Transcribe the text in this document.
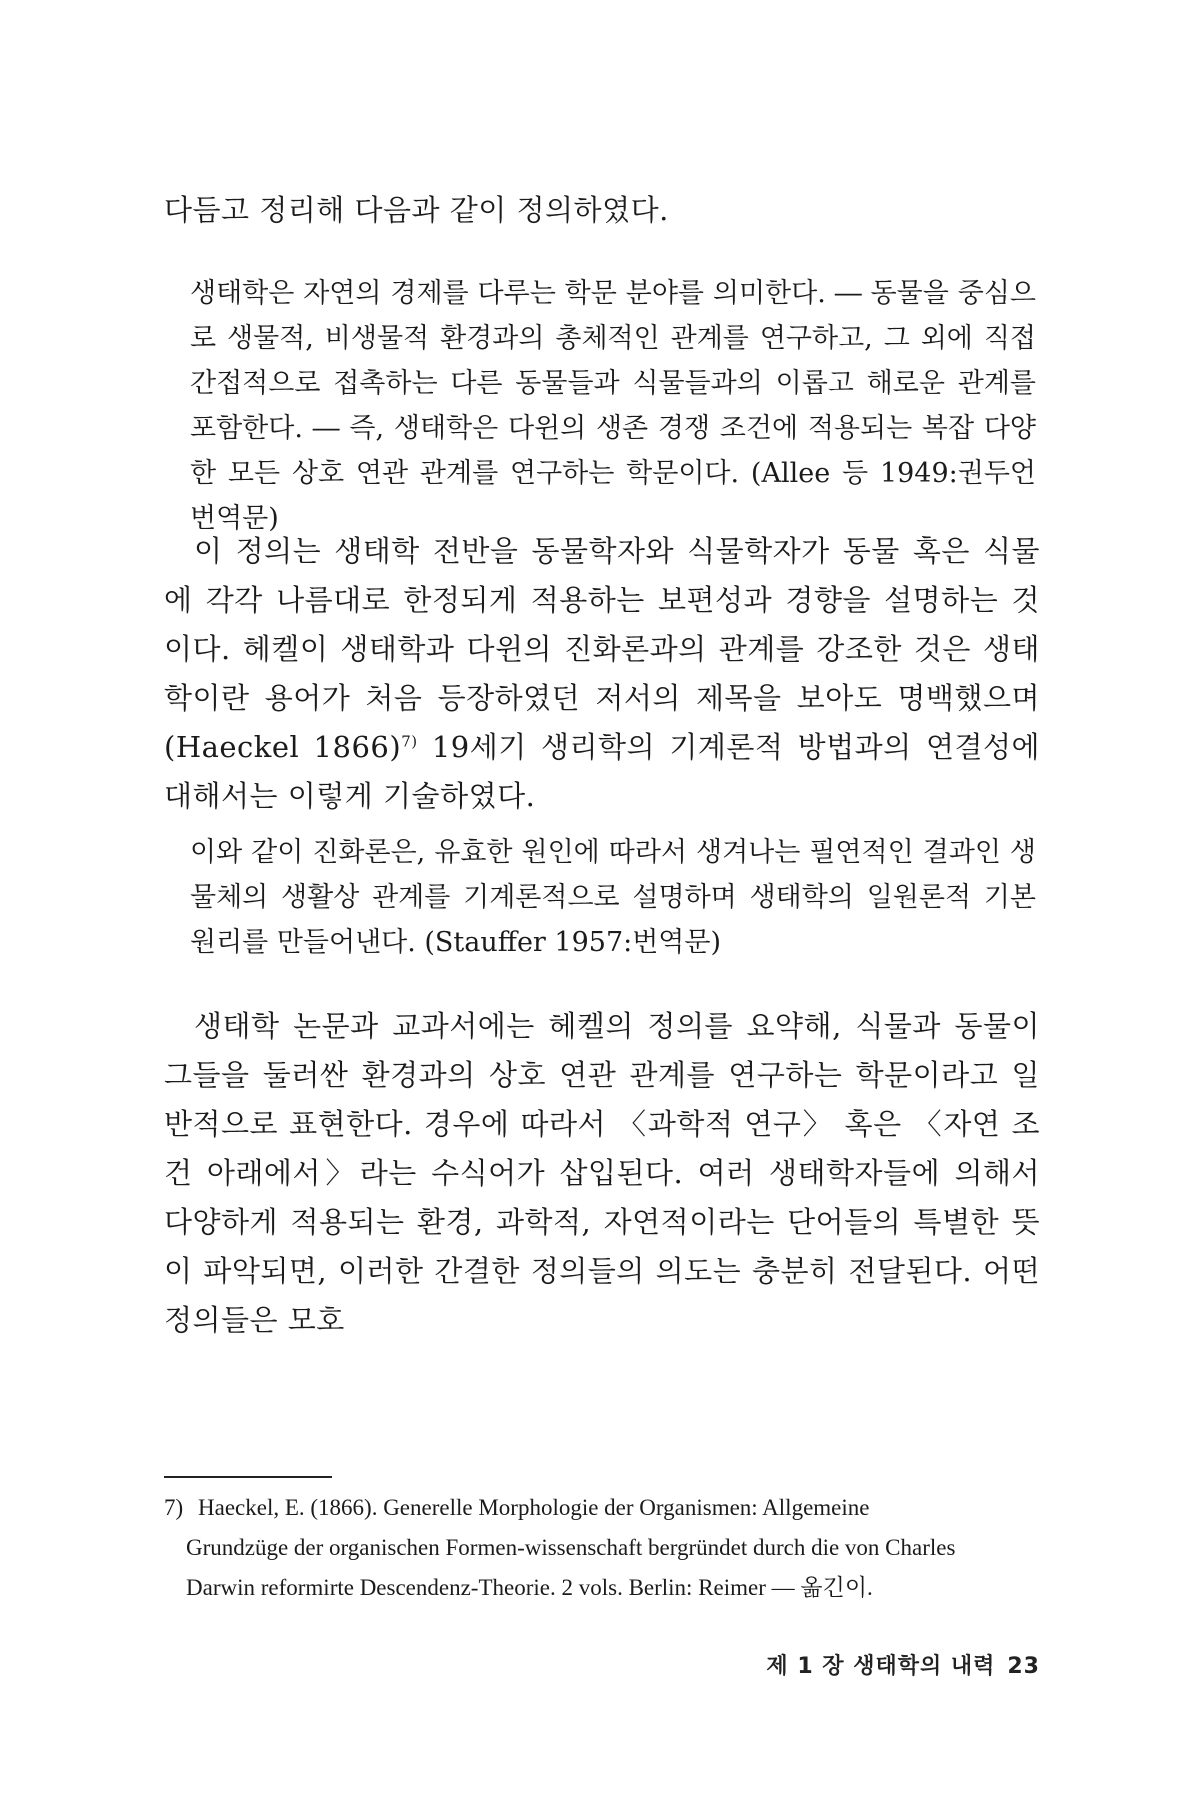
다듬고 정리해 다음과 같이 정의하였다.
생태학은 자연의 경제를 다루는 학문 분야를 의미한다. ― 동물을 중심으로 생물적, 비생물적 환경과의 총체적인 관계를 연구하고, 그 외에 직접 간접적으로 접촉하는 다른 동물들과 식물들과의 이롭고 해로운 관계를 포함한다. ― 즉, 생태학은 다윈의 생존 경쟁 조건에 적용되는 복잡 다양한 모든 상호 연관 관계를 연구하는 학문이다. (Allee 등 1949:권두언 번역문)
이 정의는 생태학 전반을 동물학자와 식물학자가 동물 혹은 식물에 각각 나름대로 한정되게 적용하는 보편성과 경향을 설명하는 것이다. 헤켈이 생태학과 다윈의 진화론과의 관계를 강조한 것은 생태학이란 용어가 처음 등장하였던 저서의 제목을 보아도 명백했으며(Haeckel 1866)$^{7)}$ 19세기 생리학의 기계론적 방법과의 연결성에 대해서는 이렇게 기술하였다.
이와 같이 진화론은, 유효한 원인에 따라서 생겨나는 필연적인 결과인 생물체의 생활상 관계를 기계론적으로 설명하며 생태학의 일원론적 기본 원리를 만들어낸다. (Stauffer 1957:번역문)
생태학 논문과 교과서에는 헤켈의 정의를 요약해, 식물과 동물이 그들을 둘러싼 환경과의 상호 연관 관계를 연구하는 학문이라고 일반적으로 표현한다. 경우에 따라서 〈과학적 연구〉 혹은 〈자연 조건 아래에서〉라는 수식어가 삽입된다. 여러 생태학자들에 의해서 다양하게 적용되는 환경, 과학적, 자연적이라는 단어들의 특별한 뜻이 파악되면, 이러한 간결한 정의들의 의도는 충분히 전달된다. 어떤 정의들은 모호
7) Haeckel, E. (1866). Generelle Morphologie der Organismen: Allgemeine
Grundzüge der organischen Formen-wissenschaft bergründet durch die von Charles
Darwin reformirte Descendenz-Theorie. 2 vols. Berlin: Reimer ― 옮긴이.
제 1 장 생태학의 내력 23
